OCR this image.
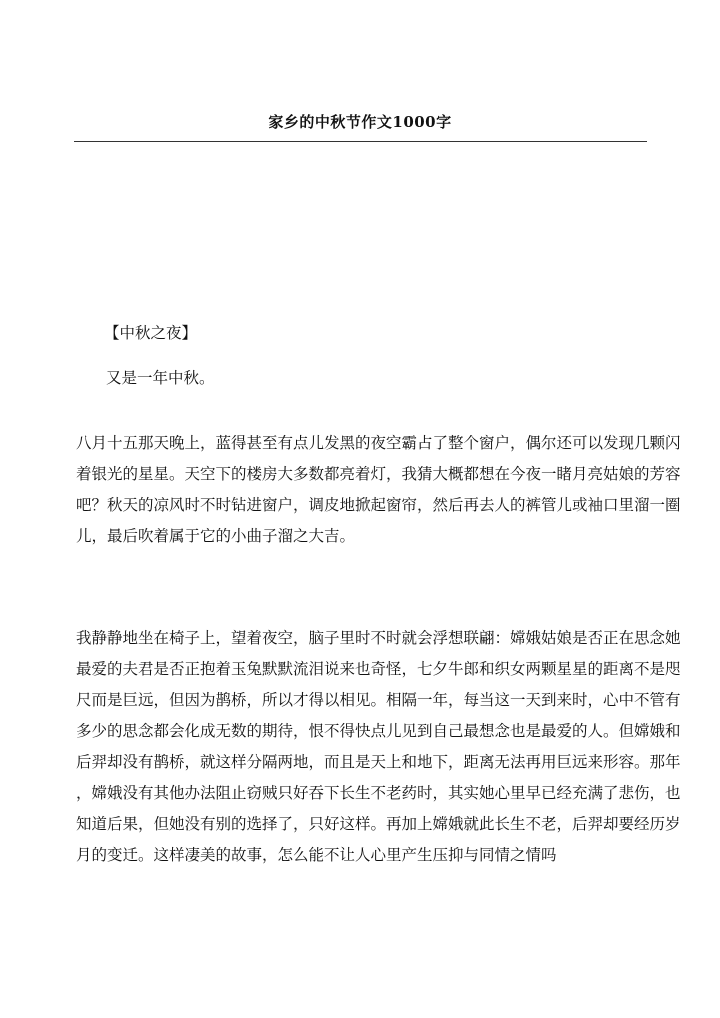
家乡的中秋节作文1000字
【中秋之夜】
又是一年中秋。
八月十五那天晚上，蓝得甚至有点儿发黑的夜空霸占了整个窗户，偶尔还可以发现几颗闪
着银光的星星。天空下的楼房大多数都亮着灯，我猜大概都想在今夜一睹月亮姑娘的芳容
吧？秋天的凉风时不时钻进窗户，调皮地掀起窗帘，然后再去人的裤管儿或袖口里溜一圈
儿，最后吹着属于它的小曲子溜之大吉。
我静静地坐在椅子上，望着夜空，脑子里时不时就会浮想联翩：嫦娥姑娘是否正在思念她
最爱的夫君是否正抱着玉兔默默流泪说来也奇怪，七夕牛郎和织女两颗星星的距离不是咫
尺而是巨远，但因为鹊桥，所以才得以相见。相隔一年，每当这一天到来时，心中不管有
多少的思念都会化成无数的期待，恨不得快点儿见到自己最想念也是最爱的人。但嫦娥和
后羿却没有鹊桥，就这样分隔两地，而且是天上和地下，距离无法再用巨远来形容。那年
，嫦娥没有其他办法阻止窃贼只好吞下长生不老药时，其实她心里早已经充满了悲伤，也
知道后果，但她没有别的选择了，只好这样。再加上嫦娥就此长生不老，后羿却要经历岁
月的变迁。这样凄美的故事，怎么能不让人心里产生压抑与同情之情吗
